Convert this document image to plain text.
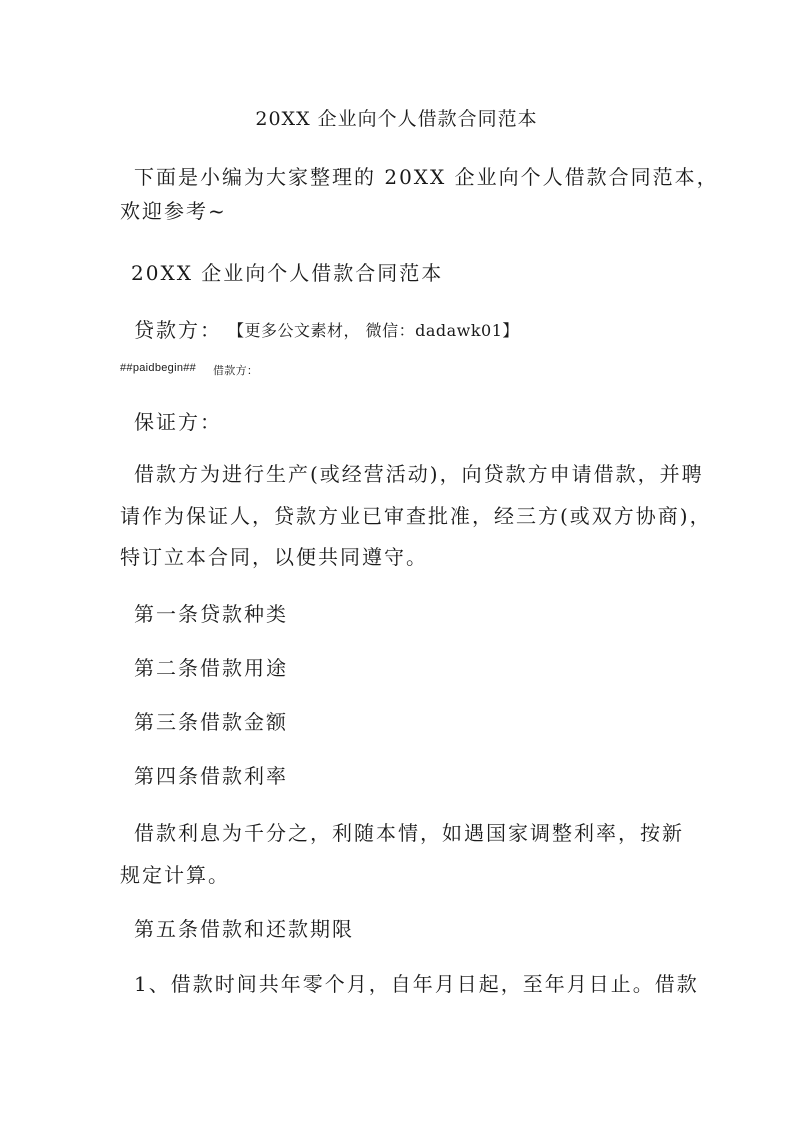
20XX 企业向个人借款合同范本

下面是小编为大家整理的 20XX 企业向个人借款合同范本，

欢迎参考~

20XX 企业向个人借款合同范本

贷款方： 【更多公文素材， 微信：dadawk01】

##paidbegin## 借款方：

保证方：

借款方为进行生产(或经营活动)，向贷款方申请借款，并聘

请作为保证人，贷款方业已审查批准，经三方(或双方协商)，

特订立本合同，以便共同遵守。

第一条贷款种类

第二条借款用途

第三条借款金额

第四条借款利率

借款利息为千分之，利随本情，如遇国家调整利率，按新

规定计算。

第五条借款和还款期限

1、借款时间共年零个月，自年月日起，至年月日止。借款
